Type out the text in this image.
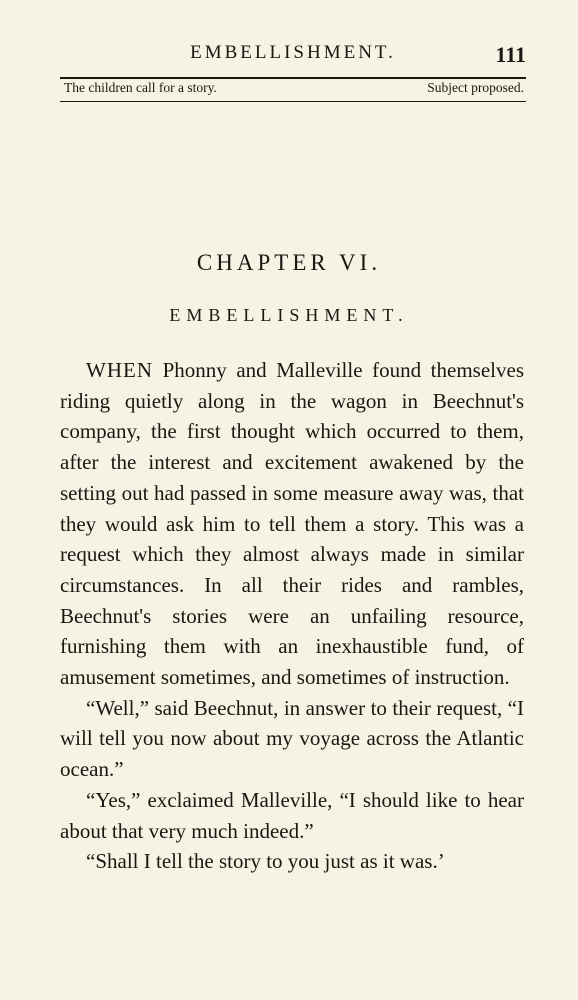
EMBELLISHMENT.	111
The children call for a story.	Subject proposed.
CHAPTER VI.
EMBELLISHMENT.

WHEN Phonny and Malleville found themselves riding quietly along in the wagon in Beechnut's company, the first thought which occurred to them, after the interest and excitement awakened by the setting out had passed in some measure away was, that they would ask him to tell them a story. This was a request which they almost always made in similar circumstances. In all their rides and rambles, Beechnut's stories were an unfailing resource, furnishing them with an inexhaustible fund, of amusement sometimes, and sometimes of instruction.

“Well,” said Beechnut, in answer to their request, “I will tell you now about my voyage across the Atlantic ocean.”

“Yes,” exclaimed Malleville, “I should like to hear about that very much indeed.”

“Shall I tell the story to you just as it was.’
